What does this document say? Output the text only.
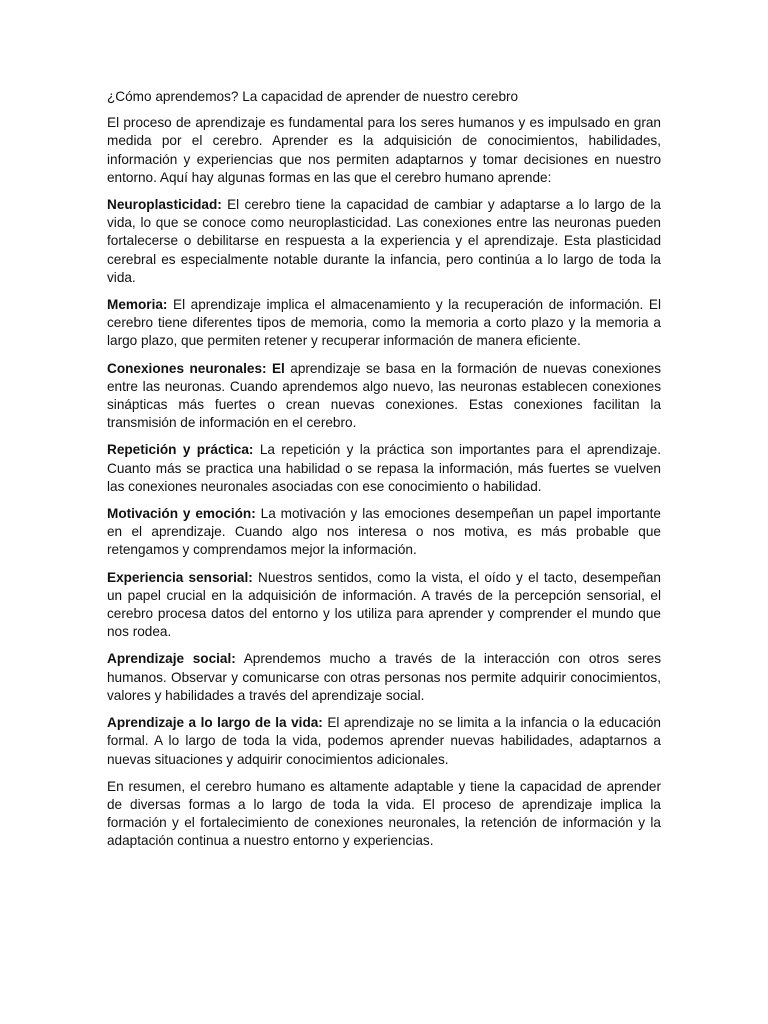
¿Cómo aprendemos? La capacidad de aprender de nuestro cerebro

El proceso de aprendizaje es fundamental para los seres humanos y es impulsado en gran medida por el cerebro. Aprender es la adquisición de conocimientos, habilidades, información y experiencias que nos permiten adaptarnos y tomar decisiones en nuestro entorno. Aquí hay algunas formas en las que el cerebro humano aprende:

Neuroplasticidad: El cerebro tiene la capacidad de cambiar y adaptarse a lo largo de la vida, lo que se conoce como neuroplasticidad. Las conexiones entre las neuronas pueden fortalecerse o debilitarse en respuesta a la experiencia y el aprendizaje. Esta plasticidad cerebral es especialmente notable durante la infancia, pero continúa a lo largo de toda la vida.

Memoria: El aprendizaje implica el almacenamiento y la recuperación de información. El cerebro tiene diferentes tipos de memoria, como la memoria a corto plazo y la memoria a largo plazo, que permiten retener y recuperar información de manera eficiente.

Conexiones neuronales: El aprendizaje se basa en la formación de nuevas conexiones entre las neuronas. Cuando aprendemos algo nuevo, las neuronas establecen conexiones sinápticas más fuertes o crean nuevas conexiones. Estas conexiones facilitan la transmisión de información en el cerebro.

Repetición y práctica: La repetición y la práctica son importantes para el aprendizaje. Cuanto más se practica una habilidad o se repasa la información, más fuertes se vuelven las conexiones neuronales asociadas con ese conocimiento o habilidad.

Motivación y emoción: La motivación y las emociones desempeñan un papel importante en el aprendizaje. Cuando algo nos interesa o nos motiva, es más probable que retengamos y comprendamos mejor la información.

Experiencia sensorial: Nuestros sentidos, como la vista, el oído y el tacto, desempeñan un papel crucial en la adquisición de información. A través de la percepción sensorial, el cerebro procesa datos del entorno y los utiliza para aprender y comprender el mundo que nos rodea.

Aprendizaje social: Aprendemos mucho a través de la interacción con otros seres humanos. Observar y comunicarse con otras personas nos permite adquirir conocimientos, valores y habilidades a través del aprendizaje social.

Aprendizaje a lo largo de la vida: El aprendizaje no se limita a la infancia o la educación formal. A lo largo de toda la vida, podemos aprender nuevas habilidades, adaptarnos a nuevas situaciones y adquirir conocimientos adicionales.

En resumen, el cerebro humano es altamente adaptable y tiene la capacidad de aprender de diversas formas a lo largo de toda la vida. El proceso de aprendizaje implica la formación y el fortalecimiento de conexiones neuronales, la retención de información y la adaptación continua a nuestro entorno y experiencias.
